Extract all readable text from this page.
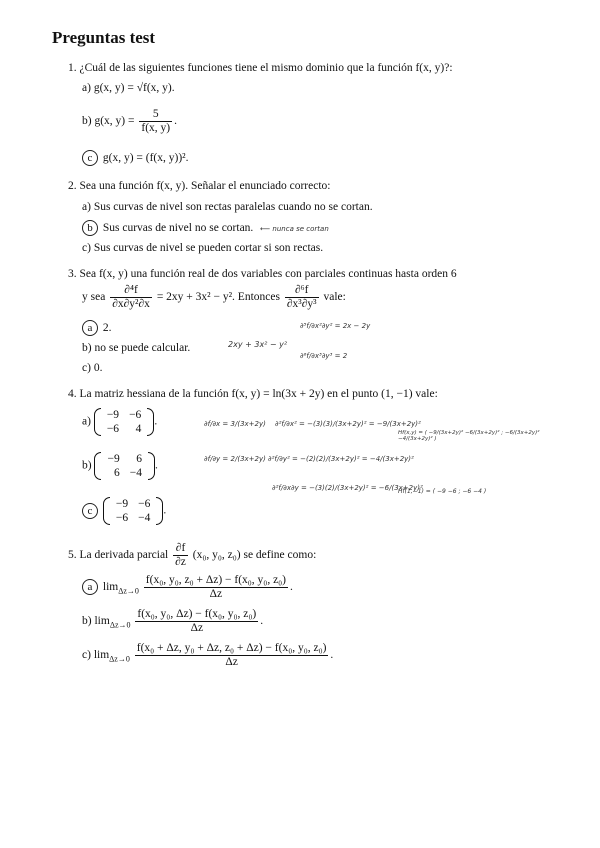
Preguntas test
1. ¿Cuál de las siguientes funciones tiene el mismo dominio que la función f(x, y)?:
a) g(x, y) = √f(x, y).
b) g(x, $y) = \frac{5}{f(x, y)}$ .
c g(x, y) = (f(x, y))².
2. Sea una función f(x, y). Señalar el enunciado correcto:
a) Sus curvas de nivel son rectas paralelas cuando no se cortan.
b Sus curvas de nivel no se cortan. ⟵ nunca se cortan
c) Sus curvas de nivel se pueden cortar si son rectas.
3. Sea f(x, y) una función real de dos variables con parciales continuas hasta orden 6
y sea $\frac{\text{∂⁴f}}{\text{∂x∂y²∂x}} = 2xy + 3x^2 - y^2$. Entonces $\frac{\text{∂⁶f}}{\text{∂x³∂y³}}$ vale:
a 2.
b) no se puede calcular.
c) 0.
∂⁵f/∂x²∂y² = 2x − 2y
2xy + 3x² − y²
∂⁶f/∂x³∂y³ = 2
4. La matriz hessiana de la función f(x, y) = ln(3x + 2y) en el punto (1, −1) vale:
a)
−9	−6
−6	4
.
b)
−9	6
6	−4
.
c
−9	−6
−6	−4
.
∂f/∂x = 3/(3x+2y) ∂²f/∂x² = −(3)(3)/(3x+2y)² = −9/(3x+2y)²
∂f/∂y = 2/(3x+2y) ∂²f/∂y² = −(2)(2)/(3x+2y)² = −4/(3x+2y)²
∂²f/∂x∂y = −(3)(2)/(3x+2y)² = −6/(3x+2y)²
Hf(x,y) = ( −9/(3x+2y)² −6/(3x+2y)² ; −6/(3x+2y)² −4/(3x+2y)² )
Hf(1,−1) = ( −9 −6 ; −6 −4 )
5. La derivada parcial $\frac{\partial f}{\partial z} (x_0$, y₀, z₀) se define como:
a $\lim_{\Delta z\to 0} \frac{\text{f(x₀, y₀, z₀ + Δz) − f(x₀, y₀, z₀)}}{\Delta z}$ .
b) $\lim_{\Delta z\to 0} \frac{\text{f(x₀, y₀, Δz) − f(x₀, y₀, z₀)}}{\Delta z}$ .
c) $\lim_{\Delta z\to 0} \frac{\text{f(x₀ + Δz, y₀ + Δz, z₀ + Δz) − f(x₀, y₀, z₀)}}{\Delta z}$ .
